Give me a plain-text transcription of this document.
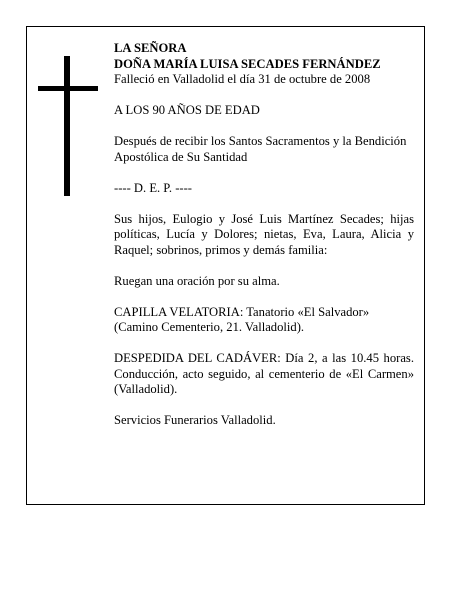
LA SEÑORA

DOÑA MARÍA LUISA SECADES FERNÁNDEZ

Falleció en Valladolid el día 31 de octubre de 2008

A LOS 90 AÑOS DE EDAD

Después de recibir los Santos Sacramentos y la Bendición Apostólica de Su Santidad

---- D. E. P. ----

Sus hijos, Eulogio y José Luis Martínez Secades; hijas políticas, Lucía y Dolores; nietas, Eva, Laura, Alicia y Raquel; sobrinos, primos y demás familia:

Ruegan una oración por su alma.

CAPILLA VELATORIA: Tanatorio «El Salvador» (Camino Cementerio, 21. Valladolid).

DESPEDIDA DEL CADÁVER: Día 2, a las 10.45 horas. Conducción, acto seguido, al cementerio de «El Carmen» (Valladolid).

Servicios Funerarios Valladolid.
